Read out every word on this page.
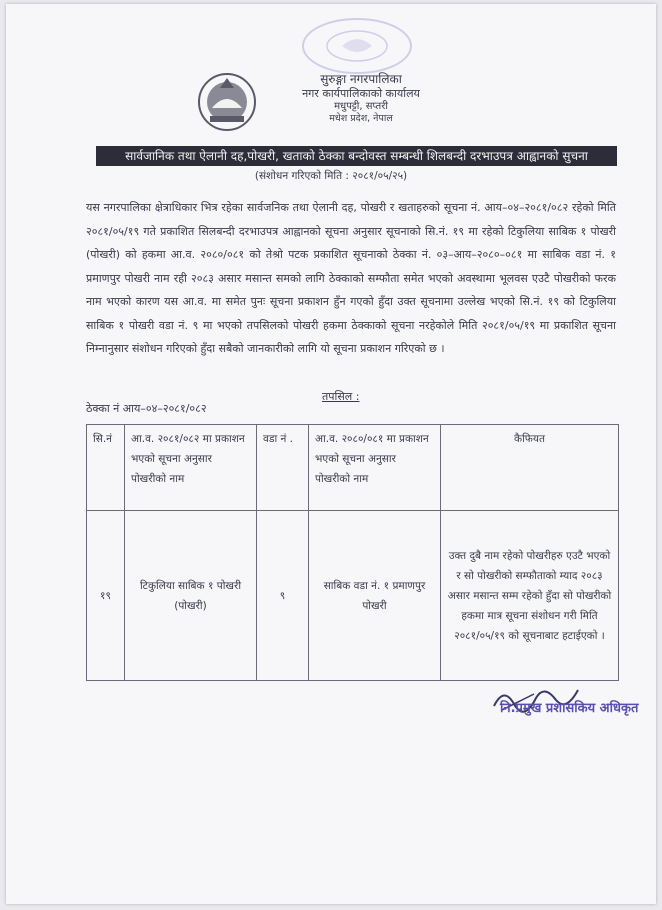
सुरुङ्गा नगरपालिका
नगर कार्यपालिकाको कार्यालय
मधुपट्टी, सप्तरी
मधेश प्रदेश, नेपाल
सार्वजानिक तथा ऐलानी दह,पोखरी, खताको ठेक्का बन्दोवस्त सम्बन्धी शिलबन्दी दरभाउपत्र आह्वानको सुचना
(संशोधन गरिएको मिति : २०८१/०५/२५)
यस नगरपालिका क्षेत्राधिकार भित्र रहेका सार्वजनिक तथा ऐलानी दह, पोखरी र खताहरुको सूचना नं. आय–०४–२०८१/०८२ रहेको मिति २०८१/०५/१९ गते प्रकाशित सिलबन्दी दरभाउपत्र आह्वानको सूचना अनुसार सूचनाको सि.नं. १९ मा रहेको टिकुलिया साबिक १ पोखरी (पोखरी) को हकमा आ.व. २०८०/०८१ को तेश्रो पटक प्रकाशित सूचनाको ठेक्का नं. ०३–आय–२०८०–०८१ मा साबिक वडा नं. १ प्रमाणपुर पोखरी नाम रही २०८३ असार मसान्त समको लागि ठेक्काको सम्फौता समेत भएको अवस्थामा भूलवस एउटै पोखरीको फरक नाम भएको कारण यस आ.व. मा समेत पुनः सूचना प्रकाशन हुँन गएको हुँदा उक्त सूचनामा उल्लेख भएको सि.नं. १९ को टिकुलिया साबिक १ पोखरी वडा नं. ९ मा भएको तपसिलको पोखरी हकमा ठेक्काको सूचना नरहेकोले मिति २०८१/०५/१९ मा प्रकाशित सूचना निम्नानुसार संशोधन गरिएको हुँदा सबैको जानकारीको लागि यो सूचना प्रकाशन गरिएको छ ।
तपसिल :
ठेक्का नं आय–०४–२०८१/०८२
सि.नं	आ.व. २०८१/०८२ मा प्रकाशन भएको सूचना अनुसार पोखरीको नाम	वडा नं .	आ.व. २०८०/०८१ मा प्रकाशन भएको सूचना अनुसार पोखरीको नाम	कैफियत
१९	टिकुलिया साबिक १ पोखरी (पोखरी)	९	साबिक वडा नं. १ प्रमाणपुर पोखरी	उक्त दुबै नाम रहेको पोखरीहरु एउटै भएको र सो पोखरीको सम्फौताको म्याद २०८३ असार मसान्त सम्म रहेको हुँदा सो पोखरीको हकमा मात्र सूचना संशोधन गरी मिति २०८१/०५/१९ को सूचनाबाट हटाईएको ।
नि.प्रमुख प्रशासकिय अधिकृत
